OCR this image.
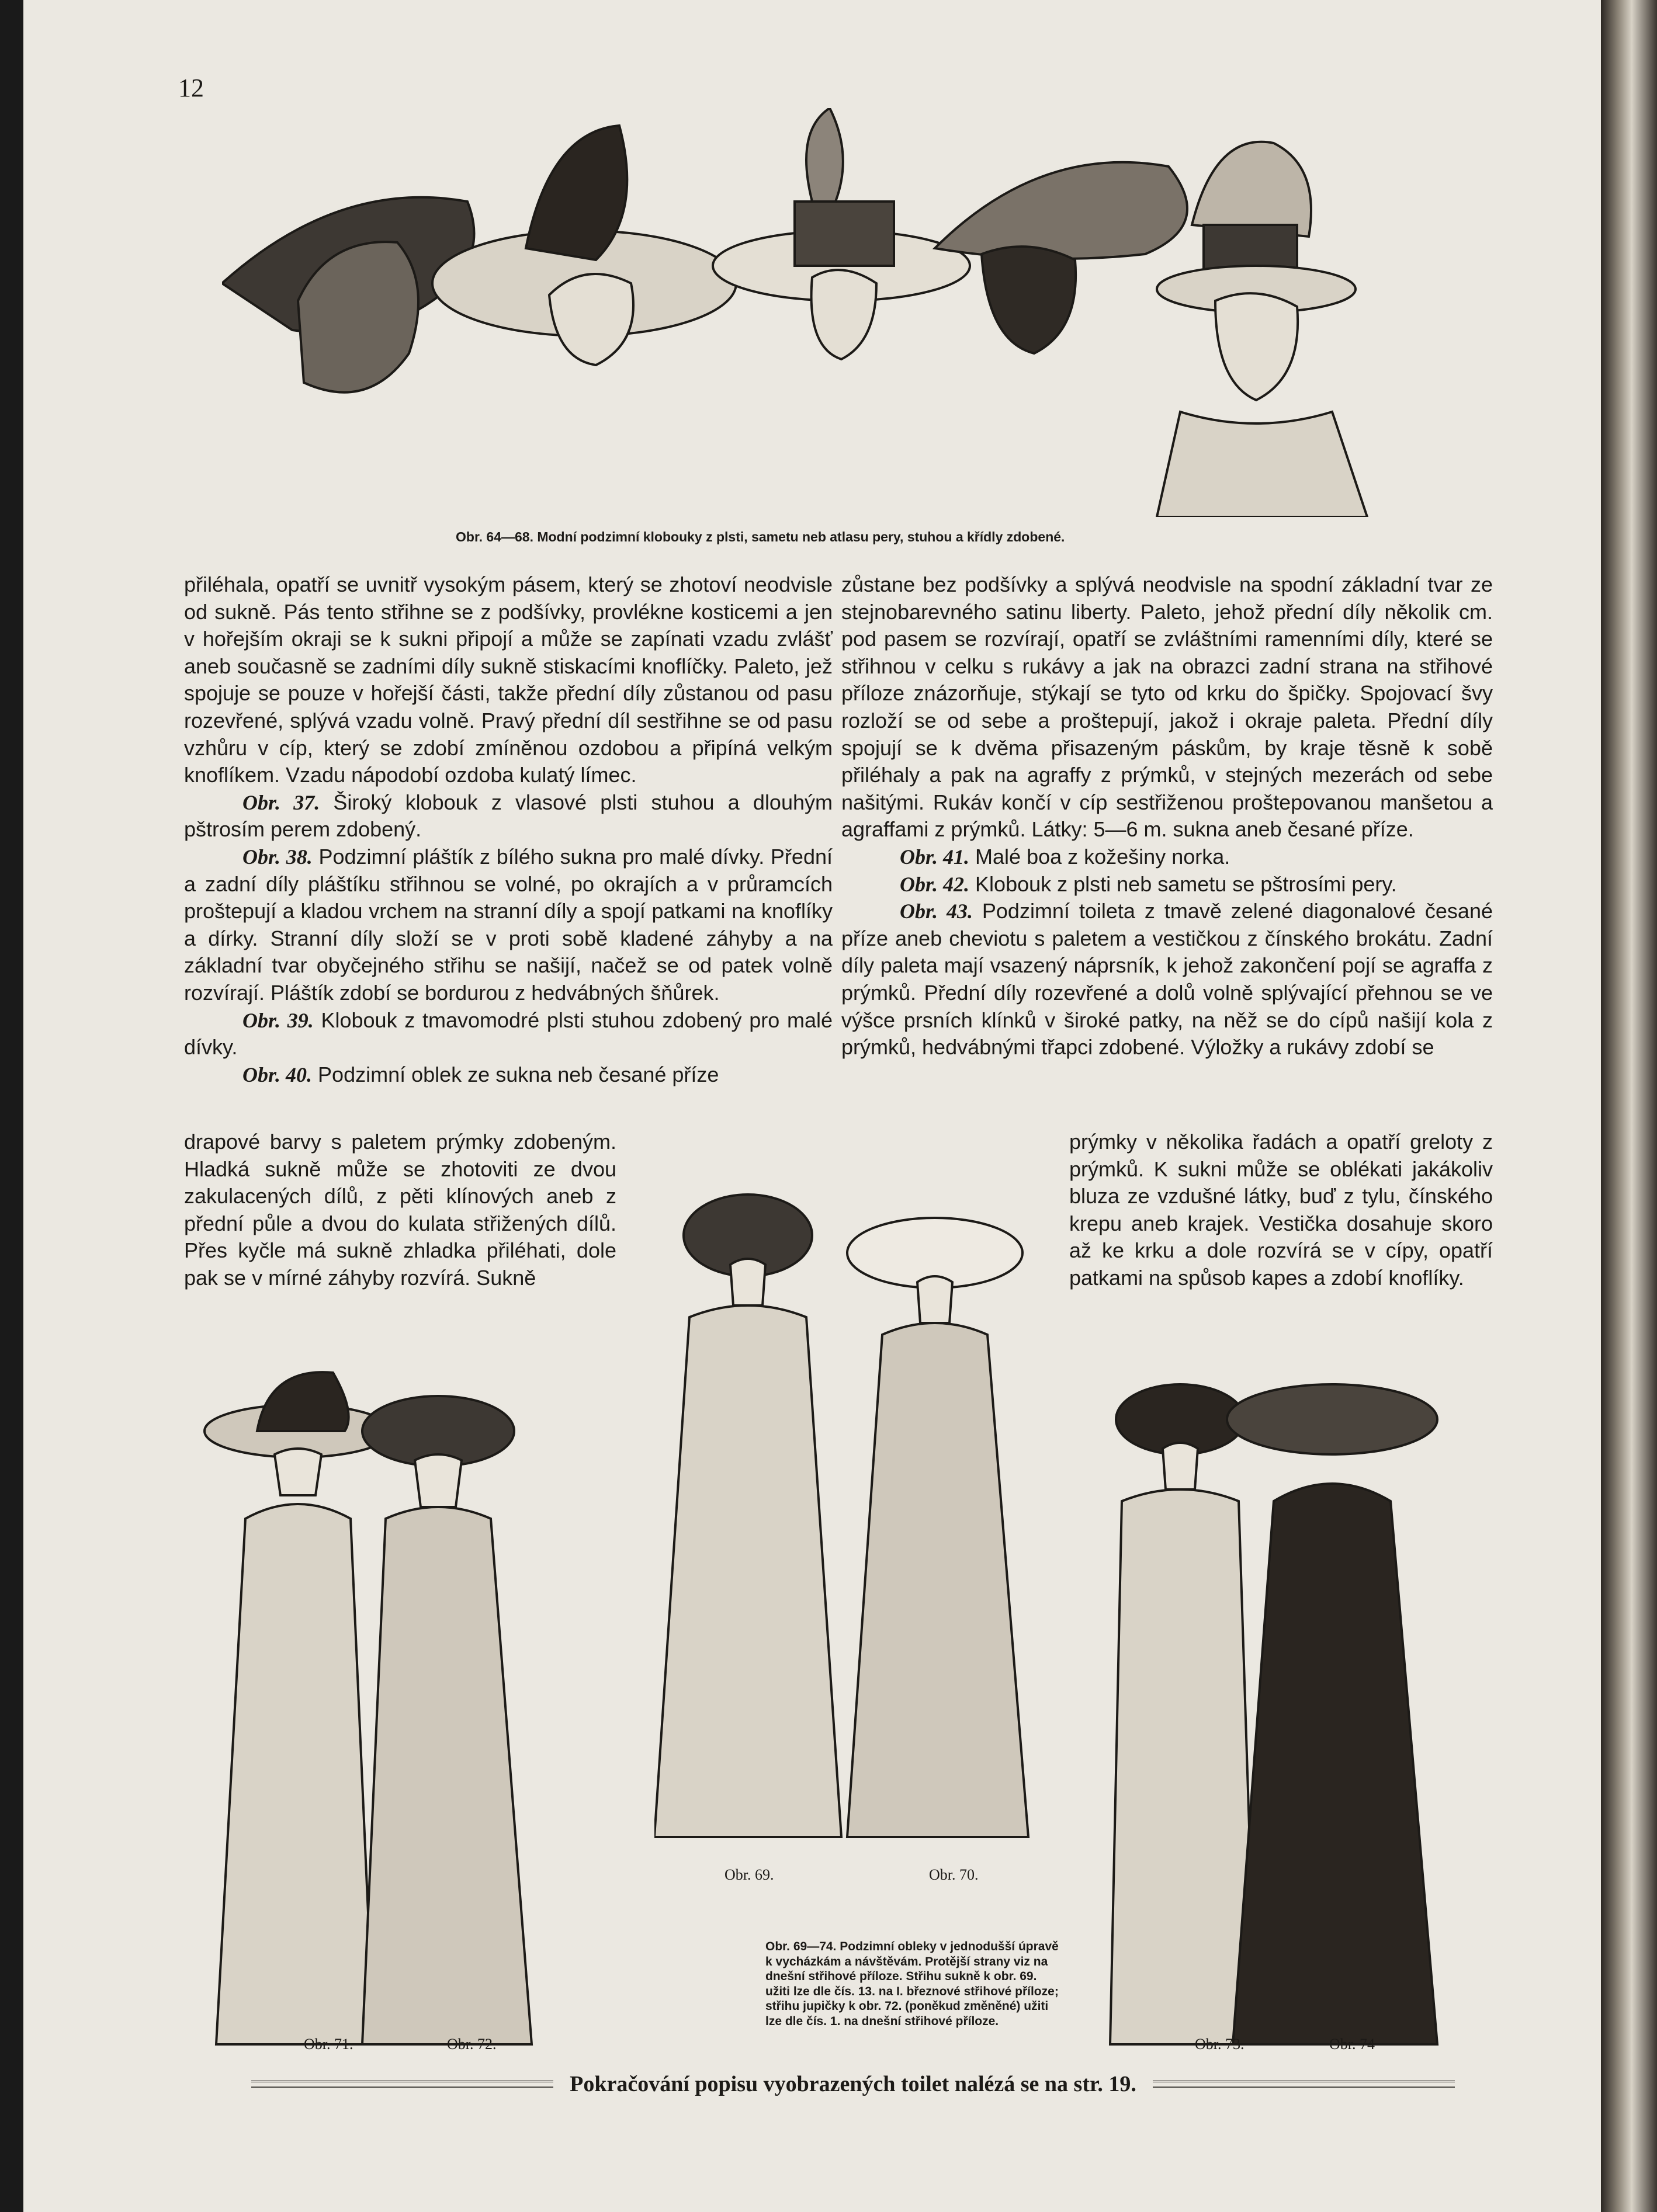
12
Obr. 64—68. Modní podzimní klobouky z plsti, sametu neb atlasu pery, stuhou a křídly zdobené.

přiléhala, opatří se uvnitř vysokým pásem, který se zhotoví neodvisle od sukně. Pás tento střihne se z podšívky, provlékne kosticemi a jen v hořejším okraji se k sukni připojí a může se zapínati vzadu zvlášť aneb současně se zadními díly sukně stiskacími knoflíčky. Paleto, jež spojuje se pouze v hořejší části, takže přední díly zůstanou od pasu rozevřené, splývá vzadu volně. Pravý přední díl sestřihne se od pasu vzhůru v cíp, který se zdobí zmíněnou ozdobou a připíná velkým knoflíkem. Vzadu nápodobí ozdoba kulatý límec.

Obr. 37. Široký klobouk z vlasové plsti stuhou a dlouhým pštrosím perem zdobený.

Obr. 38. Podzimní pláštík z bílého sukna pro malé dívky. Přední a zadní díly pláštíku střihnou se volné, po okrajích a v průramcích proštepují a kladou vrchem na stranní díly a spojí patkami na knoflíky a dírky. Stranní díly složí se v proti sobě kladené záhyby a na základní tvar obyčejného střihu se našijí, načež se od patek volně rozvírají. Pláštík zdobí se bordurou z hedvábných šňůrek.

Obr. 39. Klobouk z tmavomodré plsti stuhou zdobený pro malé dívky.

Obr. 40. Podzimní oblek ze sukna neb česané příze

drapové barvy s paletem prýmky zdobeným. Hladká sukně může se zhotoviti ze dvou zakulacených dílů, z pěti klínových aneb z přední půle a dvou do kulata střižených dílů. Přes kyčle má sukně zhladka přiléhati, dole pak se v mírné záhyby rozvírá. Sukně

zůstane bez podšívky a splývá neodvisle na spodní základní tvar ze stejnobarevného satinu liberty. Paleto, jehož přední díly několik cm. pod pasem se rozvírají, opatří se zvláštními ramenními díly, které se střihnou v celku s rukávy a jak na obrazci zadní strana na střihové příloze znázorňuje, stýkají se tyto od krku do špičky. Spojovací švy rozloží se od sebe a proštepují, jakož i okraje paleta. Přední díly spojují se k dvěma přisazeným páskům, by kraje těsně k sobě přiléhaly a pak na agraffy z prýmků, v stejných mezerách od sebe našitými. Rukáv končí v cíp sestřiženou proštepovanou manšetou a agraffami z prýmků. Látky: 5—6 m. sukna aneb česané příze.

Obr. 41. Malé boa z kožešiny norka.

Obr. 42. Klobouk z plsti neb sametu se pštrosími pery.

Obr. 43. Podzimní toileta z tmavě zelené diagonalové česané příze aneb cheviotu s paletem a vestičkou z čínského brokátu. Zadní díly paleta mají vsazený náprsník, k jehož zakončení pojí se agraffa z prýmků. Přední díly rozevřené a dolů volně splývající přehnou se ve výšce prsních klínků v široké patky, na něž se do cípů našijí kola z prýmků, hedvábnými třapci zdobené. Výložky a rukávy zdobí se

prýmky v několika řadách a opatří greloty z prýmků. K sukni může se oblékati jakákoliv bluza ze vzdušné látky, buď z tylu, čínského krepu aneb krajek. Vestička dosahuje skoro až ke krku a dole rozvírá se v cípy, opatří patkami na spůsob kapes a zdobí knoflíky.

Obr. 69.	Obr. 70.
Obr. 71.	Obr. 72.	Obr. 73.	Obr. 74
Obr. 69—74. Podzimní obleky v jednodušší úpravě k vycházkám a návštěvám. Protější strany viz na dnešní střihové příloze. Střihu sukně k obr. 69. užiti lze dle čís. 13. na I. březnové střihové příloze; střihu jupičky k obr. 72. (poněkud změněné) užiti lze dle čís. 1. na dnešní střihové příloze.
Pokračování popisu vyobrazených toilet nalézá se na str. 19.
